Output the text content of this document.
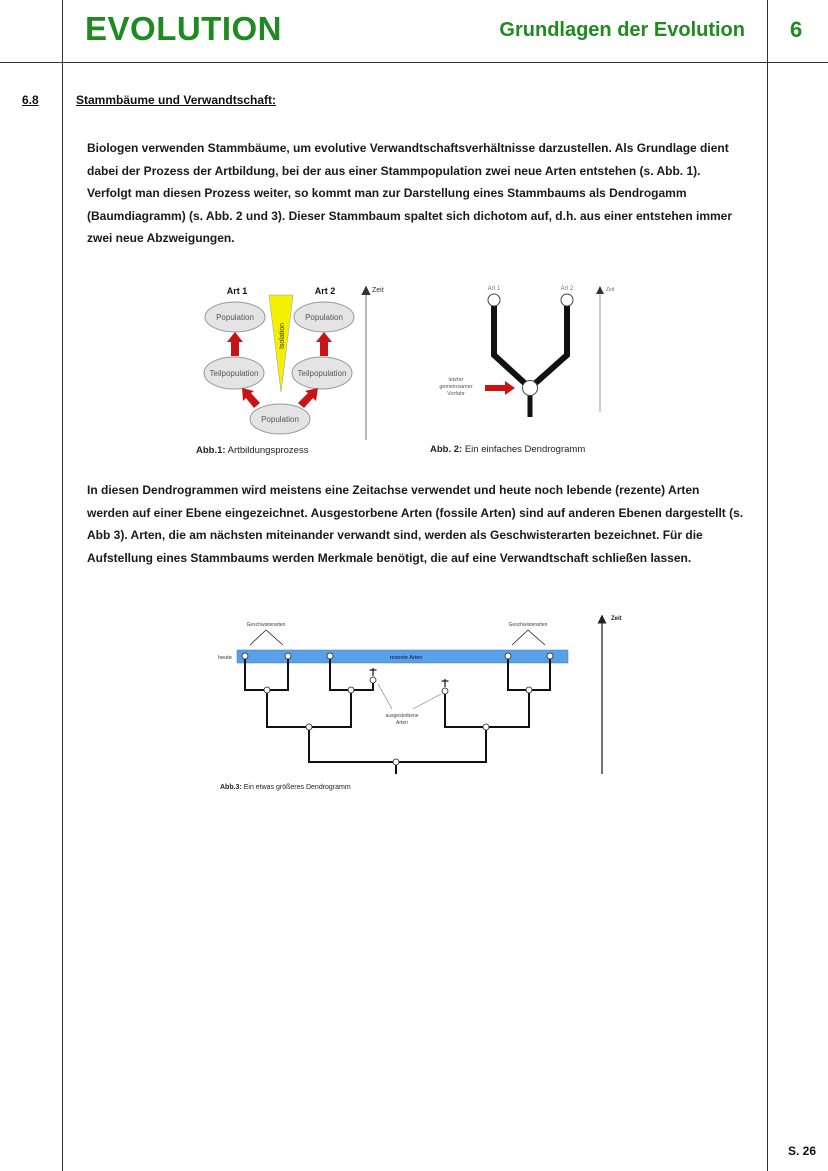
EVOLUTION	Grundlagen der Evolution 6
6.8	Stammbäume und Verwandtschaft:
Biologen verwenden Stammbäume, um evolutive Verwandtschaftsverhältnisse darzustellen. Als Grundlage dient
dabei der Prozess der Artbildung, bei der aus einer Stammpopulation zwei neue Arten entstehen (s. Abb. 1).
Verfolgt man diesen Prozess weiter, so kommt man zur Darstellung eines Stammbaums als Dendrogamm
(Baumdiagramm) (s. Abb. 2 und 3). Dieser Stammbaum spaltet sich dichotom auf, d.h. aus einer entstehen immer
zwei neue Abzweigungen.
In diesen Dendrogrammen wird meistens eine Zeitachse verwendet und heute noch lebende (rezente) Arten
werden auf einer Ebene eingezeichnet. Ausgestorbene Arten (fossile Arten) sind auf anderen Ebenen dargestellt (s.
Abb 3). Arten, die am nächsten miteinander verwandt sind, werden als Geschwisterarten bezeichnet. Für die
Aufstellung eines Stammbaums werden Merkmale benötigt, die auf eine Verwandtschaft schließen lassen.
Art 1	Art 2
Isolation
Population	Population
Teilpopulation	Teilpopulation
Population
Zeit
Abb.1: Artbildungsprozess
Art 1	Art 2
letzter
gemeinsamer
Vorfahr
Zeit
Abb. 2: Ein einfaches Dendrogramm
Geschwisterarten	Geschwisterarten
rezente Arten
heute
ausgestorbene
Arten
Zeit
Abb.3: Ein etwas größeres Dendrogramm
S. 26
